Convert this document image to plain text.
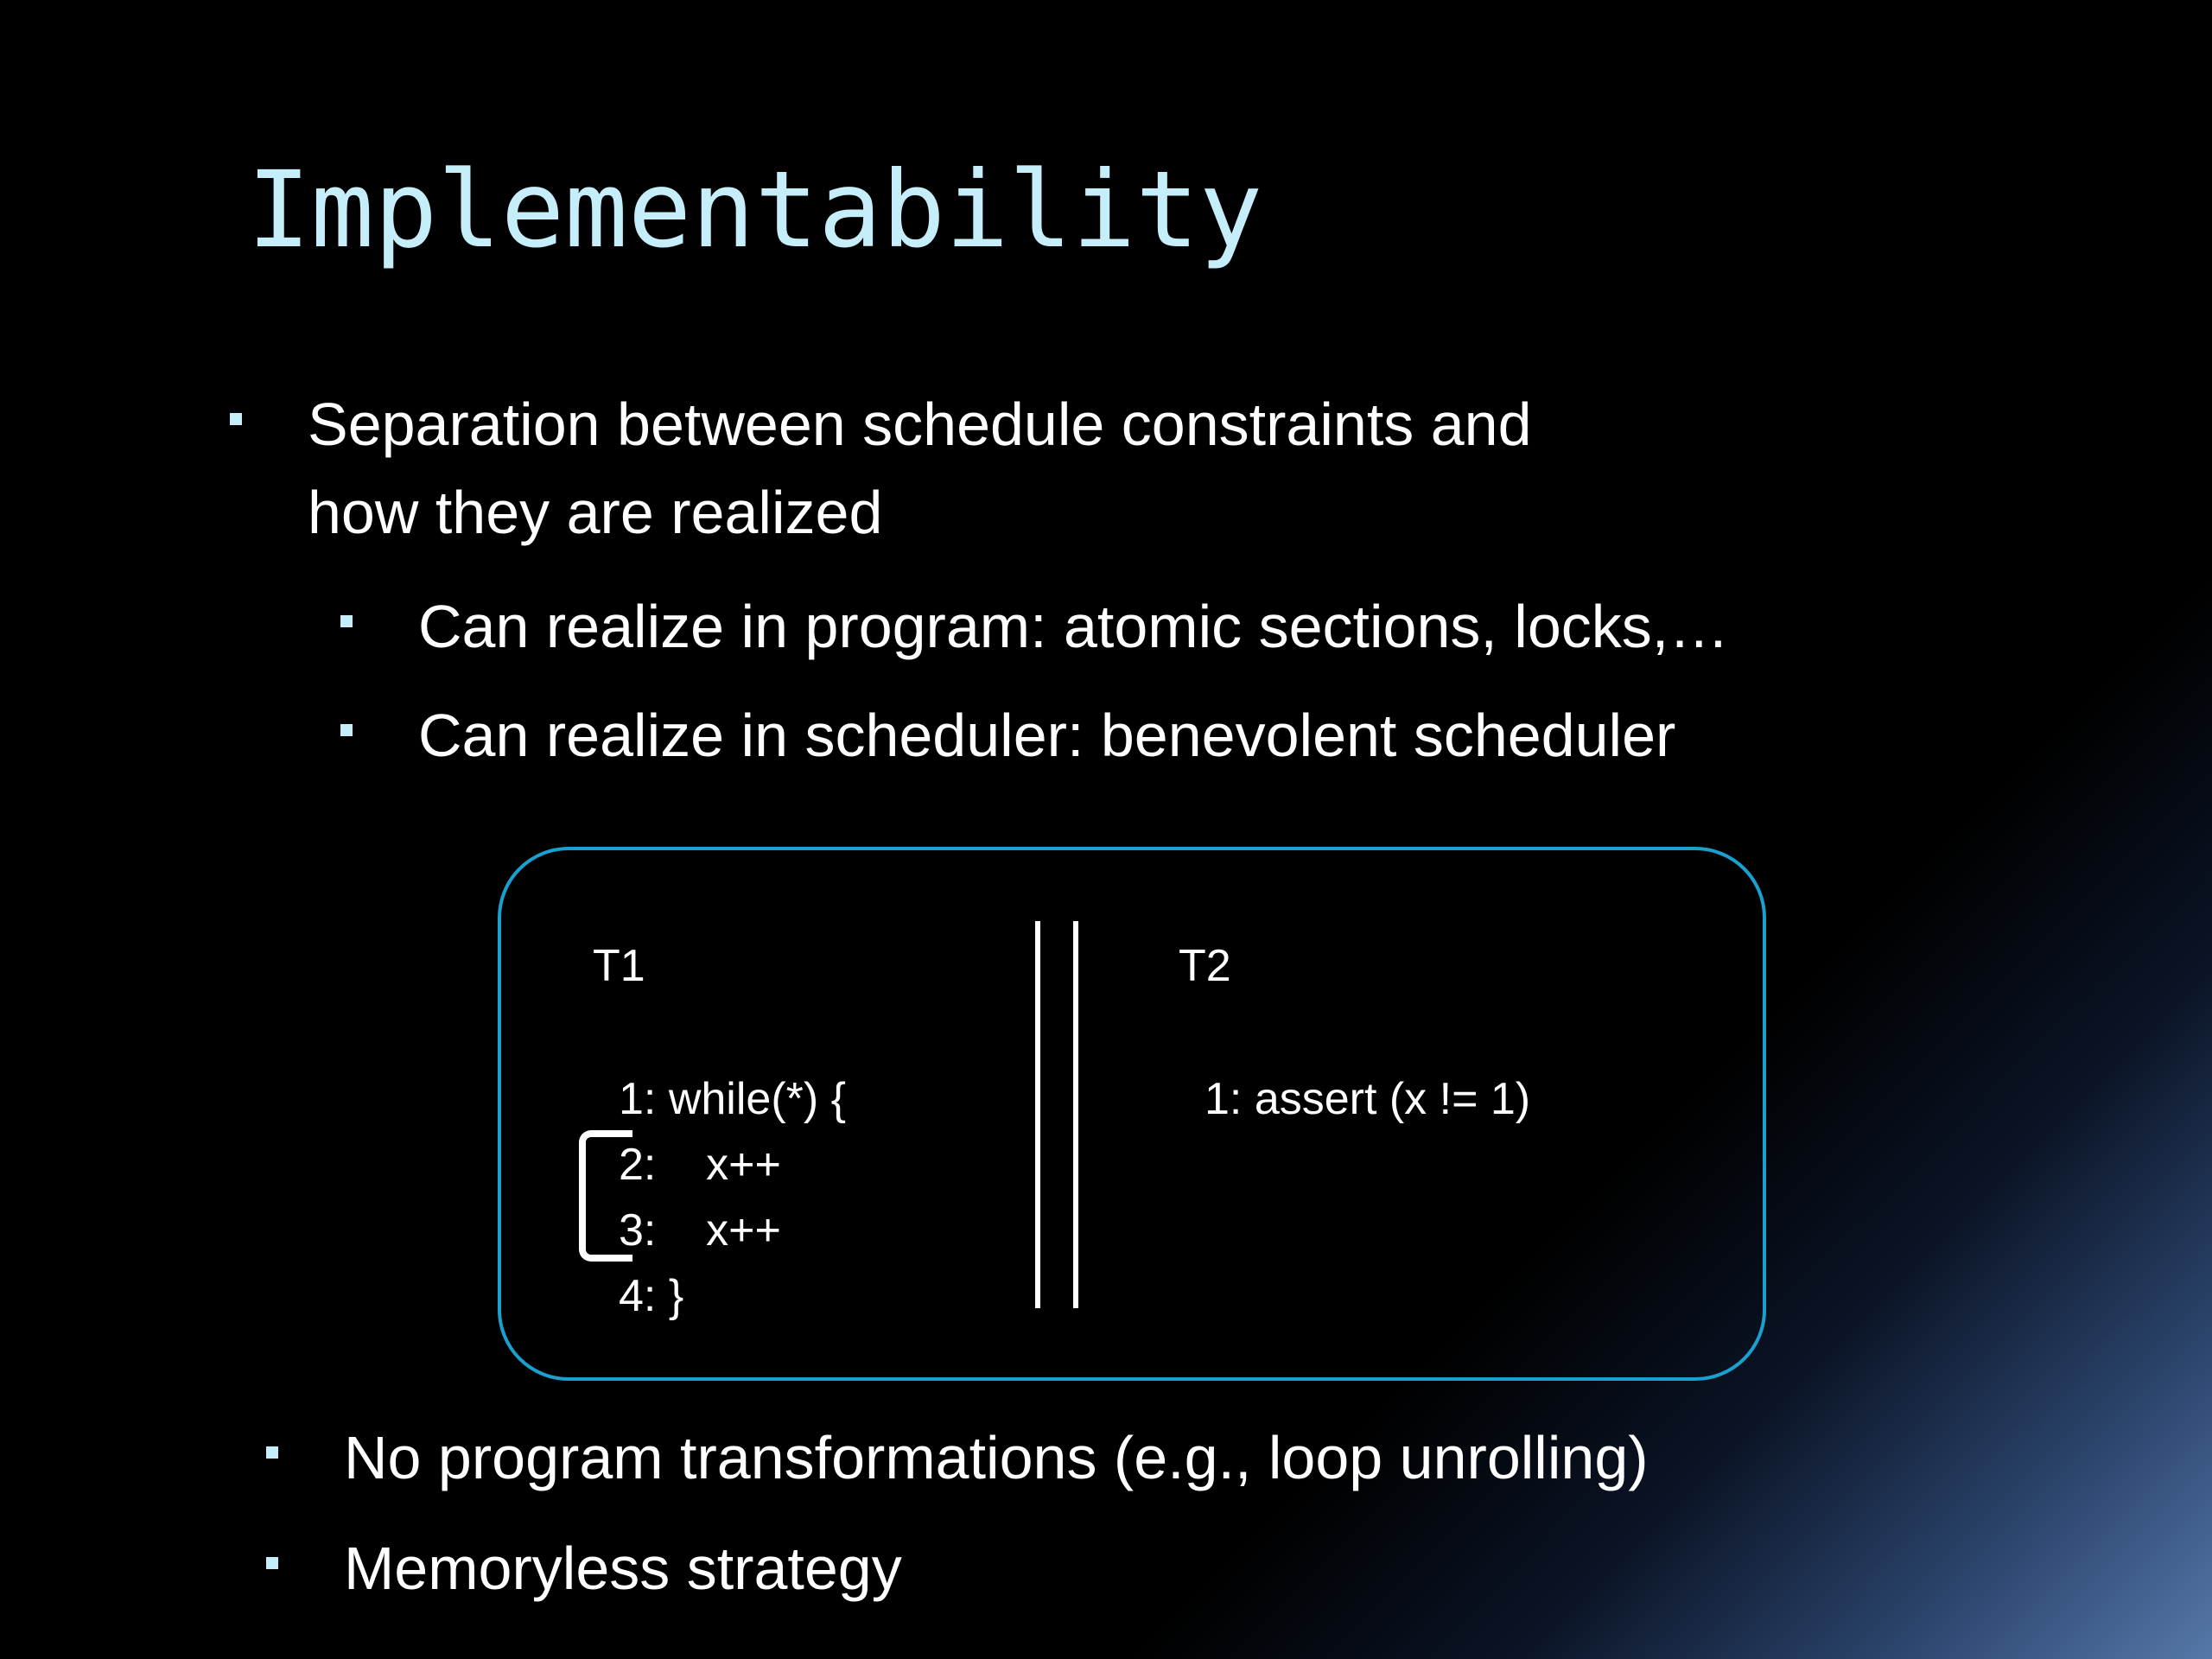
Implementability

Separation between schedule constraints and

how they are realized

Can realize in program: atomic sections, locks,…

Can realize in scheduler: benevolent scheduler

T1

1: while(*) {

2:    x++

3:    x++

4: }

T2

1: assert (x != 1)

No program transformations (e.g., loop unrolling)

Memoryless strategy
